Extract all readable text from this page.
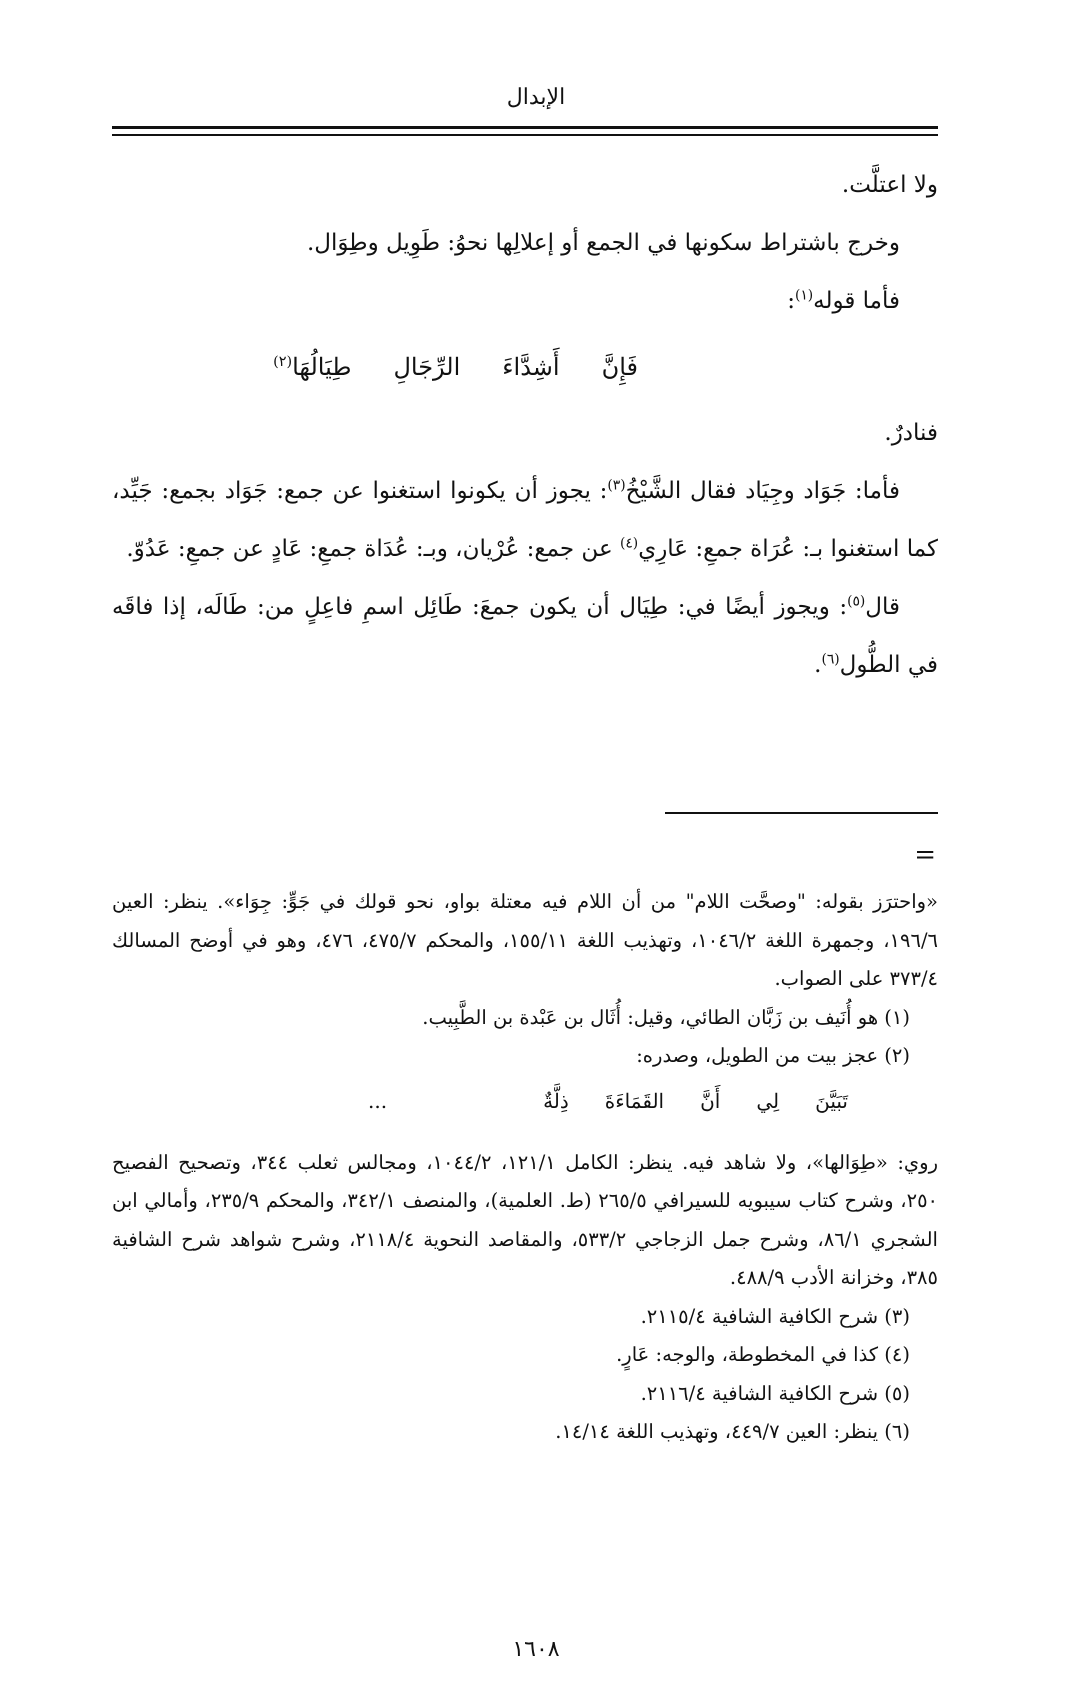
الإبدال

ولا اعتلَّت.

وخرج باشتراط سكونها في الجمع أو إعلالِها نحوُ: طَوِيل وطِوَال.

فأما قوله$^{(١)}$:

فَإِنَّ
أَشِدَّاءَ
الرِّجَالِ
طِيَالُهَا$^{(٢)}$

فنادرٌ.

فأما: جَوَاد وجِيَاد فقال الشَّيْخُ$^{(٣)}$: يجوز أن يكونوا استغنوا عن جمع: جَوَاد بجمع: جَيِّد، كما استغنوا بـ: عُرَاة جمعِ: عَارِي$^{(٤)}$ عن جمع: عُرْيان، وبـ: عُدَاة جمعِ: عَادٍ عن جمعِ: عَدُوّ.

قال$^{(٥)}$: ويجوز أيضًا في: طِيَال أن يكون جمعَ: طَائِل اسمِ فاعِلٍ من: طَالَه، إذا فاقَه في الطُّول$^{(٦)}$.

=

«واحترَز بقوله: "وصحَّت اللام" من أن اللام فيه معتلة بواو، نحو قولك في جَوٍّ: جِوَاء». ينظر: العين ١٩٦/٦، وجمهرة اللغة ١٠٤٦/٢، وتهذيب اللغة ١٥٥/١١، والمحكم ٤٧٥/٧، ٤٧٦، وهو في أوضح المسالك ٣٧٣/٤ على الصواب.

(١) هو أُنَيف بن زَبَّان الطائي، وقيل: أُثَال بن عَبْدة بن الطَّبِيب.

(٢) عجز بيت من الطويل، وصدره:

تَبَيَّنَ
لِي
أَنَّ
القَمَاءَةَ
ذِلَّةٌ
...

روي: «طِوَالها»، ولا شاهد فيه. ينظر: الكامل ١٢١/١، ١٠٤٤/٢، ومجالس ثعلب ٣٤٤، وتصحيح الفصيح ٢٥٠، وشرح كتاب سيبويه للسيرافي ٢٦٥/٥ (ط. العلمية)، والمنصف ٣٤٢/١، والمحكم ٢٣٥/٩، وأمالي ابن الشجري ٨٦/١، وشرح جمل الزجاجي ٥٣٣/٢، والمقاصد النحوية ٢١١٨/٤، وشرح شواهد شرح الشافية ٣٨٥، وخزانة الأدب ٤٨٨/٩.

(٣) شرح الكافية الشافية ٢١١٥/٤.

(٤) كذا في المخطوطة، والوجه: عَارٍ.

(٥) شرح الكافية الشافية ٢١١٦/٤.

(٦) ينظر: العين ٤٤٩/٧، وتهذيب اللغة ١٤/١٤.

١٦٠٨
